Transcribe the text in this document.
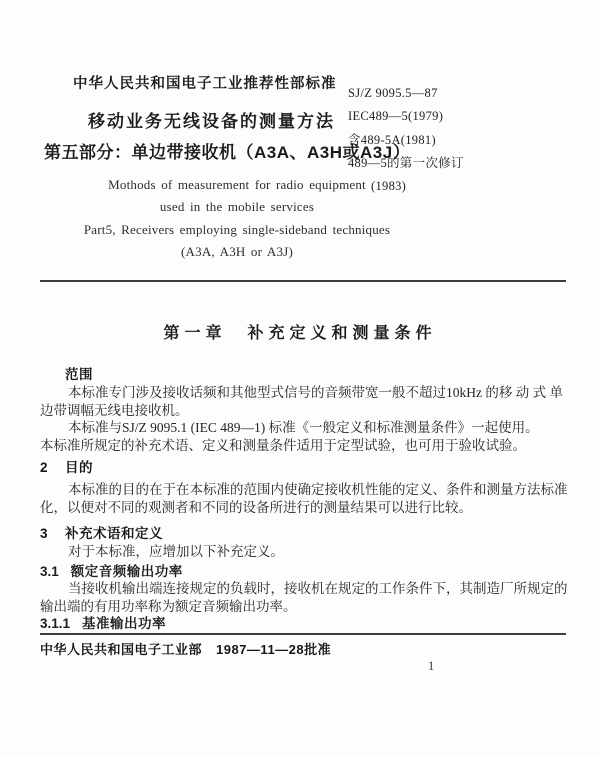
中华人民共和国电子工业推荐性部标准
移动业务无线设备的测量方法
第五部分：单边带接收机（A3A、A3H或A3J）
SJ/Z 9095.5—87
IEC489—5(1979)
含489-5A(1981)
489—5的第一次修订
(1983)
Mothods of measurement for radio equipment
used in the mobile services
Part5, Receivers employing single-sideband techniques
(A3A, A3H or A3J)
第一章　补充定义和测量条件
范围
本标准专门涉及接收话频和其他型式信号的音频带宽一般不超过10kHz 的移 动 式 单
边带调幅无线电接收机。
本标准与SJ/Z 9095.1 (IEC 489—1) 标准《一般定义和标准测量条件》一起使用。
本标准所规定的补充术语、定义和测量条件适用于定型试验，也可用于验收试验。
2 目的
本标准的目的在于在本标准的范围内使确定接收机性能的定义、条件和测量方法标准
化，以便对不同的观测者和不同的设备所进行的测量结果可以进行比较。
3 补充术语和定义
对于本标准，应增加以下补充定义。
3.1 额定音频输出功率
当接收机输出端连接规定的负载时，接收机在规定的工作条件下，其制造厂所规定的
输出端的有用功率称为额定音频输出功率。
3.1.1 基准输出功率
中华人民共和国电子工业部 1987—11—28批准
1
